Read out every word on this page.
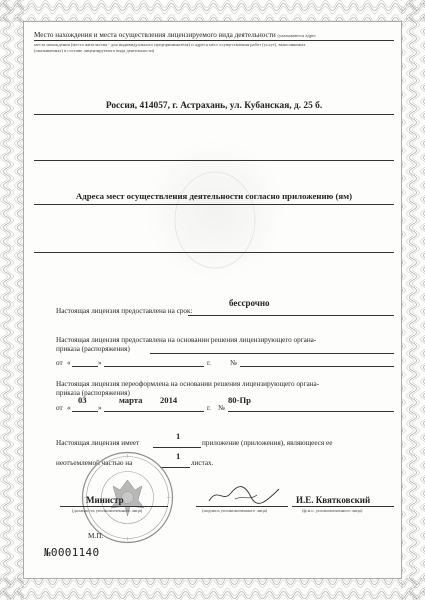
Место нахождения и места осуществления лицензируемого вида деятельности (указываются адрес
места нахождения (места жительства - для индивидуального предпринимателя) и адреса мест осуществления работ (услуг), выполняемых
(оказываемых) в составе лицензируемого вида деятельности)
Россия, 414057, г. Астрахань, ул. Кубанская, д. 25 б.
Адреса мест осуществления деятельности согласно приложению (ям)
бессрочно
Настоящая лицензия предоставлена на срок:
Настоящая лицензия предоставлена на основании решения лицензирующего органа-
приказа (распоряжения)
от «	»	г.	№
Настоящая лицензия переоформлена на основании решения лицензирующего органа-
приказа (распоряжения)
03	марта 2014	80-Пр
от «	»	г. №
1
Настоящая лицензия имеет	приложение (приложения), являющееся ее
1
неотъемлемой частью на	листах.
Министр
(должность уполномоченного лица)	(подпись уполномоченного лица)
И.Е. Квятковский
(ф.и.о. уполномоченного лица)
М.П.
№0001140
